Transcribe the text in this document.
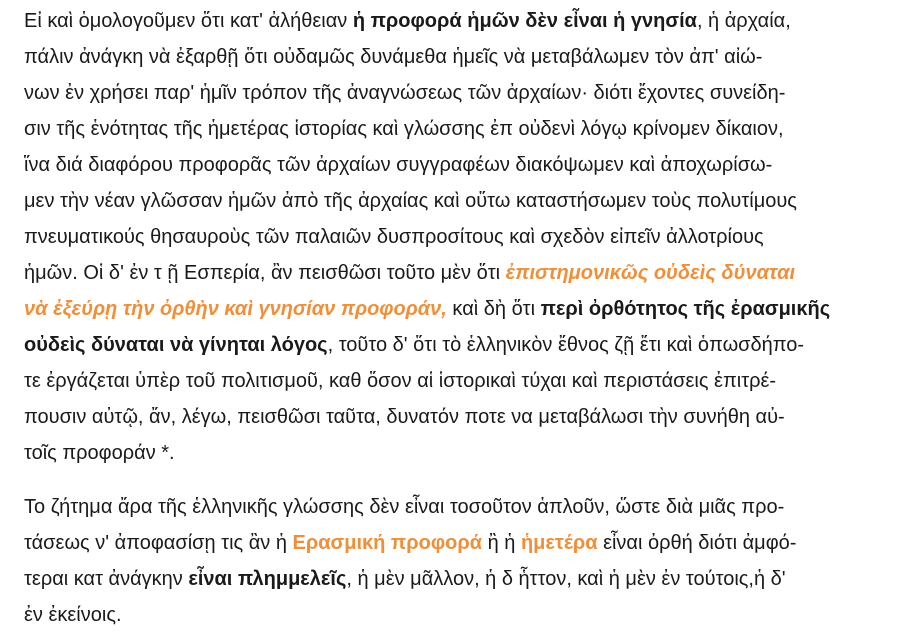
Εἰ καὶ ὁμολογοῦμεν ὅτι κατ' ἀλήθειαν ἡ προφορά ἡμῶν δὲν εἶναι ἡ γνησία, ἡ ἀρχαία,
πάλιν ἀνάγκη νὰ ἐξαρθῇ ὅτι οὐδαμῶς δυνάμεθα ἡμεῖς νὰ μεταβάλωμεν τὸν ἀπ' αἰώ-
νων ἐν χρήσει παρ' ἡμῖν τρόπον τῆς ἀναγνώσεως τῶν ἀρχαίων· διότι ἔχοντες συνείδη-
σιν τῆς ἑνότητας τῆς ἡμετέρας ἱστορίας καὶ γλώσσης ἐπ οὐδενὶ λόγῳ κρίνομεν δίκαιον,
ἵνα διά διαφόρου προφορᾶς τῶν ἀρχαίων συγγραφέων διακόψωμεν καὶ ἀποχωρίσω-
μεν τὴν νέαν γλῶσσαν ἡμῶν ἀπὸ τῆς ἀρχαίας καὶ οὕτω καταστήσωμεν τοὺς πολυτίμους
πνευματικούς θησαυροὺς τῶν παλαιῶν δυσπροσίτους καὶ σχεδὸν εἰπεῖν ἀλλοτρίους
ἡμῶν. Οἱ δ' ἐν τ ῇ Εσπερία, ἂν πεισθῶσι τοῦτο μὲν ὅτι ἐπιστημονικῶς οὐδεὶς δύναται
νὰ ἐξεύρῃ τὴν ὀρθὴν καὶ γνησίαν προφοράν, καὶ δὴ ὅτι περὶ ὀρθότητος τῆς ἐρασμικῆς
οὐδεὶς δύναται νὰ γίνηται λόγος, τοῦτο δ' ὅτι τὸ ἑλληνικὸν ἔθνος ζῇ ἔτι καὶ ὁπωσδήπο-
τε ἐργάζεται ὑπὲρ τοῦ πολιτισμοῦ, καθ ὅσον αἱ ἱστορικαὶ τύχαι καὶ περιστάσεις ἐπιτρέ-
πουσιν αὐτῷ, ἄν, λέγω, πεισθῶσι ταῦτα, δυνατόν ποτε να μεταβάλωσι τὴν συνήθη αὐ-
τοῖς προφοράν *.
Το ζήτημα ἄρα τῆς ἑλληνικῆς γλώσσης δὲν εἶναι τοσοῦτον ἁπλοῦν, ὥστε διὰ μιᾶς προ-
τάσεως ν' ἀποφασίσῃ τις ἂν ἡ Ερασμική προφορά ἢ ἡ ἡμετέρα εἶναι ὀρθή διότι ἀμφό-
τεραι κατ ἀνάγκην εἶναι πλημμελεῖς, ἡ μὲν μᾶλλον, ἡ δ ἧττον, καὶ ἡ μὲν ἐν τούτοις,ἡ δ'
ἐν ἐκείνοις.
